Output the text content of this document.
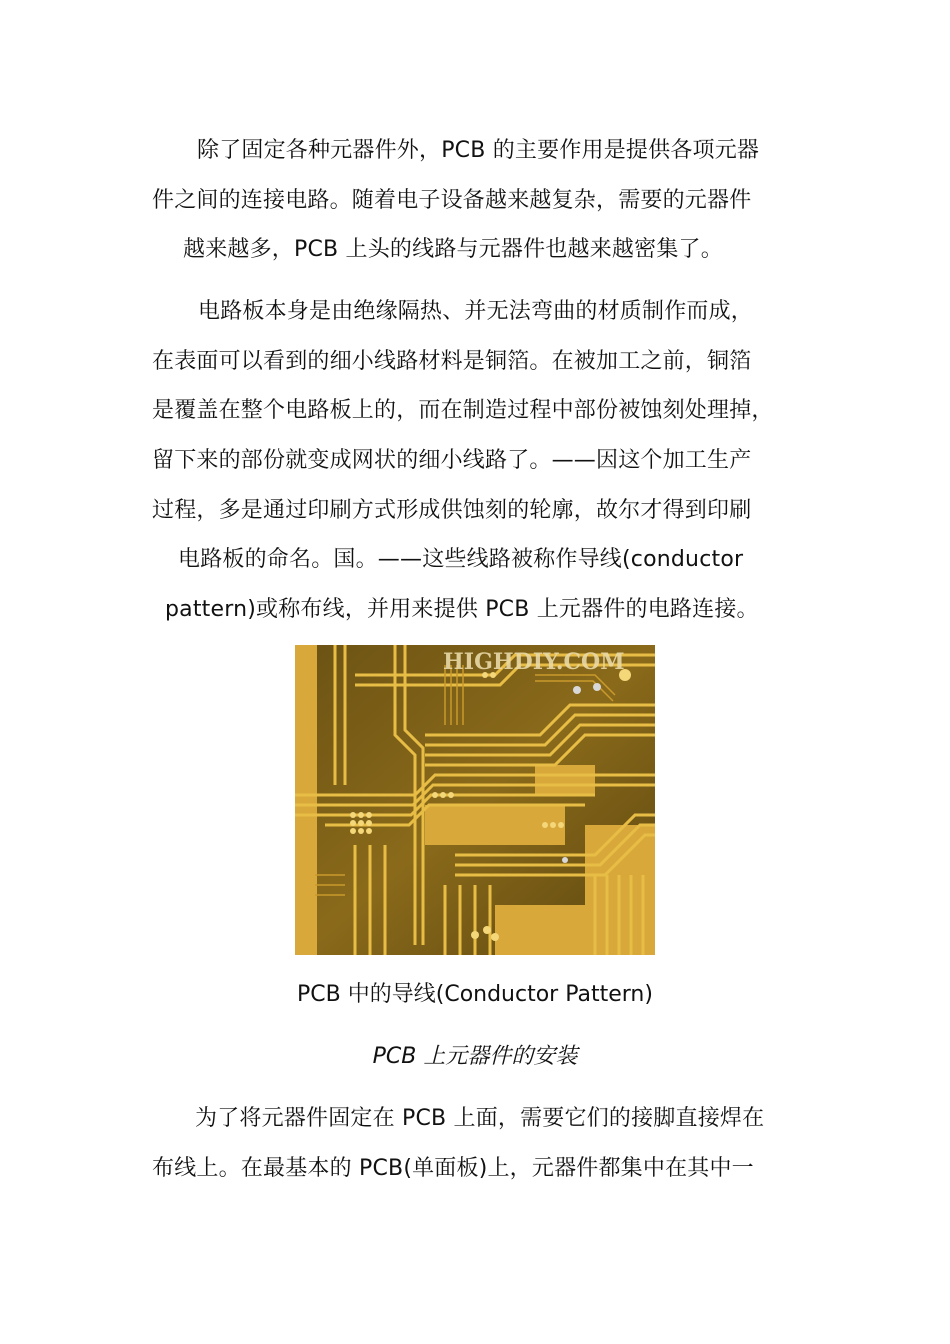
除了固定各种元器件外，PCB 的主要作用是提供各项元器
件之间的连接电路。随着电子设备越来越复杂，需要的元器件
越来越多，PCB 上头的线路与元器件也越来越密集了。
电路板本身是由绝缘隔热、并无法弯曲的材质制作而成，
在表面可以看到的细小线路材料是铜箔。在被加工之前，铜箔
是覆盖在整个电路板上的，而在制造过程中部份被蚀刻处理掉，
留下来的部份就变成网状的细小线路了。——因这个加工生产
过程，多是通过印刷方式形成供蚀刻的轮廓，故尔才得到印刷
电路板的命名。国。——这些线路被称作导线(conductor
pattern)或称布线，并用来提供 PCB 上元器件的电路连接。
HIGHDIY.COM
PCB 中的导线(Conductor Pattern)
PCB 上元器件的安装
为了将元器件固定在 PCB 上面，需要它们的接脚直接焊在
布线上。在最基本的 PCB(单面板)上，元器件都集中在其中一
